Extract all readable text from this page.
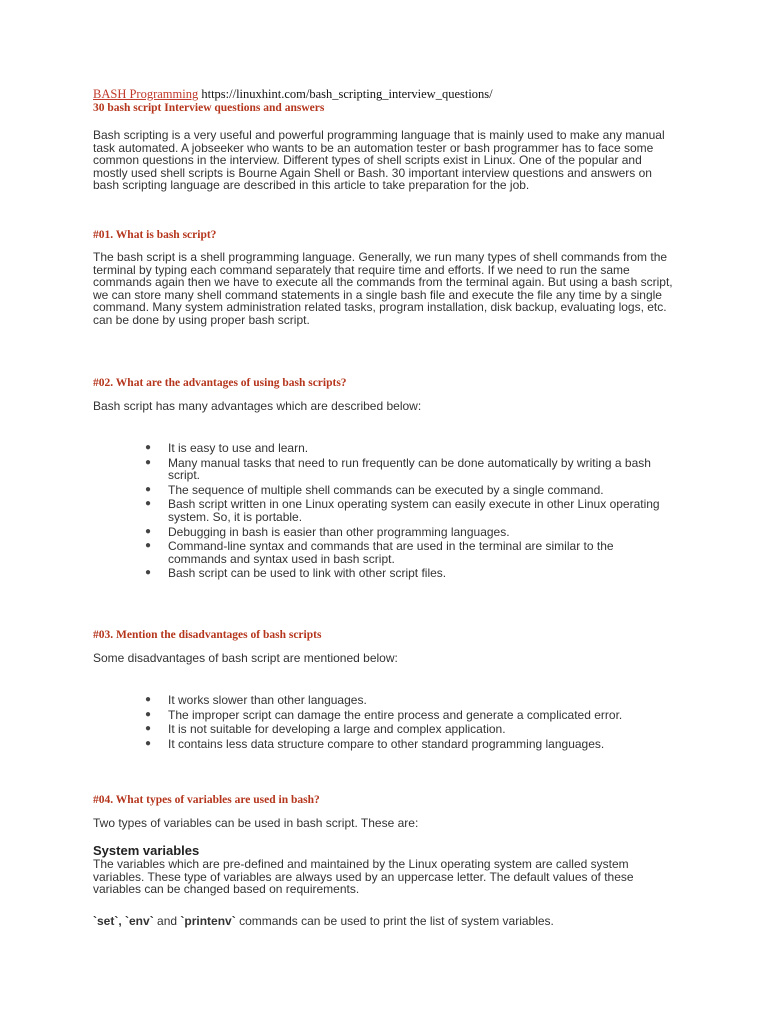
BASH Programming https://linuxhint.com/bash_scripting_interview_questions/
30 bash script Interview questions and answers

Bash scripting is a very useful and powerful programming language that is mainly used to make any manual task automated. A jobseeker who wants to be an automation tester or bash programmer has to face some common questions in the interview. Different types of shell scripts exist in Linux. One of the popular and mostly used shell scripts is Bourne Again Shell or Bash. 30 important interview questions and answers on bash scripting language are described in this article to take preparation for the job.

#01. What is bash script?

The bash script is a shell programming language. Generally, we run many types of shell commands from the terminal by typing each command separately that require time and efforts. If we need to run the same commands again then we have to execute all the commands from the terminal again. But using a bash script, we can store many shell command statements in a single bash file and execute the file any time by a single command. Many system administration related tasks, program installation, disk backup, evaluating logs, etc. can be done by using proper bash script.

#02. What are the advantages of using bash scripts?

Bash script has many advantages which are described below:

● It is easy to use and learn.
● Many manual tasks that need to run frequently can be done automatically by writing a bash script.
● The sequence of multiple shell commands can be executed by a single command.
● Bash script written in one Linux operating system can easily execute in other Linux operating system. So, it is portable.
● Debugging in bash is easier than other programming languages.
● Command-line syntax and commands that are used in the terminal are similar to the commands and syntax used in bash script.
● Bash script can be used to link with other script files.
#03. Mention the disadvantages of bash scripts

Some disadvantages of bash script are mentioned below:

● It works slower than other languages.
● The improper script can damage the entire process and generate a complicated error.
● It is not suitable for developing a large and complex application.
● It contains less data structure compare to other standard programming languages.
#04. What types of variables are used in bash?

Two types of variables can be used in bash script. These are:

System variables

The variables which are pre-defined and maintained by the Linux operating system are called system variables. These type of variables are always used by an uppercase letter. The default values of these variables can be changed based on requirements.

`set`, `env` and `printenv` commands can be used to print the list of system variables.
